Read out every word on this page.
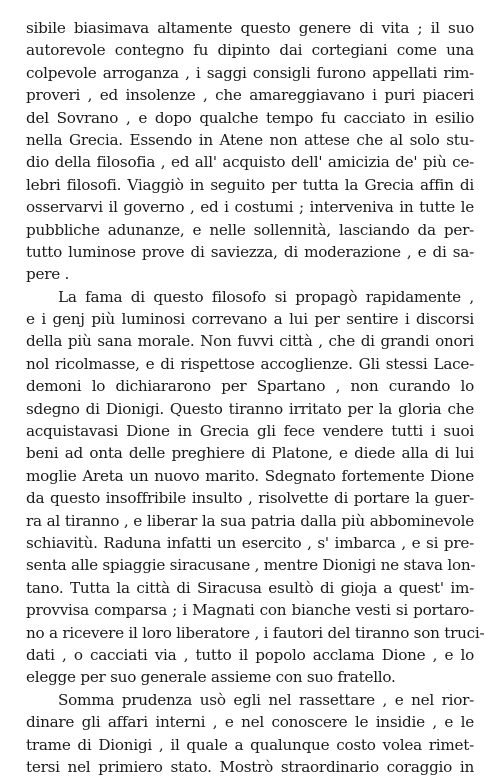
sibile biasimava altamente questo genere di vita ; il suo
autorevole contegno fu dipinto dai cortegiani come una
colpevole arroganza , i saggi consigli furono appellati rim-
proveri , ed insolenze , che amareggiavano i puri piaceri
del Sovrano , e dopo qualche tempo fu cacciato in esilio
nella Grecia. Essendo in Atene non attese che al solo stu-
dio della filosofia , ed all' acquisto dell' amicizia de' più ce-
lebri filosofi. Viaggiò in seguito per tutta la Grecia affin di
osservarvi il governo , ed i costumi ; interveniva in tutte le
pubbliche adunanze, e nelle sollennità, lasciando da per-
tutto luminose prove di saviezza, di moderazione , e di sa-
pere .
La fama di questo filosofo si propagò rapidamente ,
e i genj più luminosi correvano a lui per sentire i discorsi
della più sana morale. Non fuvvi città , che di grandi onori
nol ricolmasse, e di rispettose accoglienze. Gli stessi Lace-
demoni lo dichiararono per Spartano , non curando lo
sdegno di Dionigi. Questo tiranno irritato per la gloria che
acquistavasi Dione in Grecia gli fece vendere tutti i suoi
beni ad onta delle preghiere di Platone, e diede alla di lui
moglie Areta un nuovo marito. Sdegnato fortemente Dione
da questo insoffribile insulto , risolvette di portare la guer-
ra al tiranno , e liberar la sua patria dalla più abbominevole
schiavitù. Raduna infatti un esercito , s' imbarca , e si pre-
senta alle spiaggie siracusane , mentre Dionigi ne stava lon-
tano. Tutta la città di Siracusa esultò di gioja a quest' im-
provvisa comparsa ; i Magnati con bianche vesti si portaro-
no a ricevere il loro liberatore , i fautori del tiranno son truci-
dati , o cacciati via , tutto il popolo acclama Dione , e lo
elegge per suo generale assieme con suo fratello.
Somma prudenza usò egli nel rassettare , e nel rior-
dinare gli affari interni , e nel conoscere le insidie , e le
trame di Dionigi , il quale a qualunque costo volea rimet-
tersi nel primiero stato. Mostrò straordinario coraggio in
